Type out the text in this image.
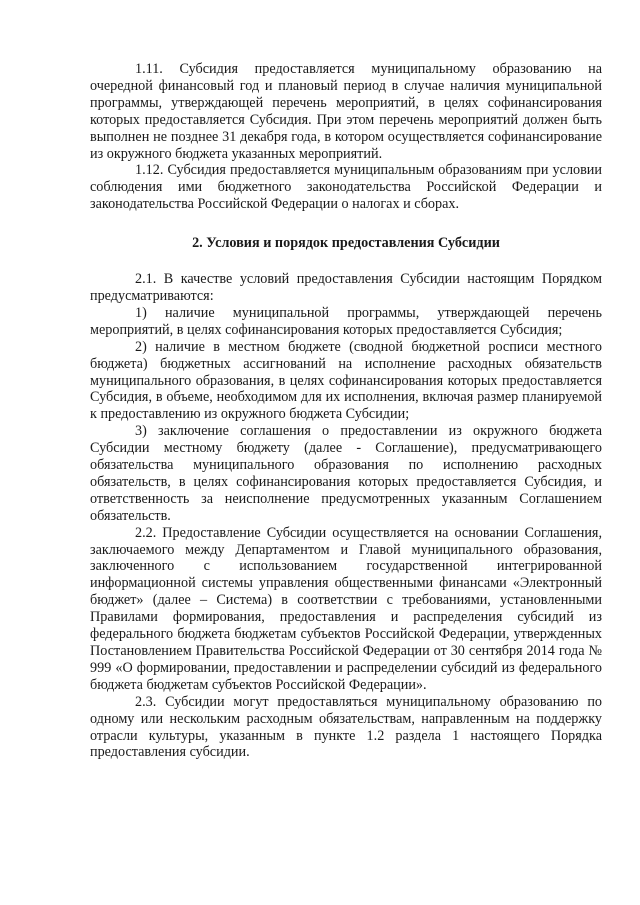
1.11. Субсидия предоставляется муниципальному образованию на очередной финансовый год и плановый период в случае наличия муниципальной программы, утверждающей перечень мероприятий, в целях софинансирования которых предоставляется Субсидия. При этом перечень мероприятий должен быть выполнен не позднее 31 декабря года, в котором осуществляется софинансирование из окружного бюджета указанных мероприятий.

1.12. Субсидия предоставляется муниципальным образованиям при условии соблюдения ими бюджетного законодательства Российской Федерации и законодательства Российской Федерации о налогах и сборах.

2. Условия и порядок предоставления Субсидии

2.1. В качестве условий предоставления Субсидии настоящим Порядком предусматриваются:

1) наличие муниципальной программы, утверждающей перечень мероприятий, в целях софинансирования которых предоставляется Субсидия;

2) наличие в местном бюджете (сводной бюджетной росписи местного бюджета) бюджетных ассигнований на исполнение расходных обязательств муниципального образования, в целях софинансирования которых предоставляется Субсидия, в объеме, необходимом для их исполнения, включая размер планируемой к предоставлению из окружного бюджета Субсидии;

3) заключение соглашения о предоставлении из окружного бюджета Субсидии местному бюджету (далее - Соглашение), предусматривающего обязательства муниципального образования по исполнению расходных обязательств, в целях софинансирования которых предоставляется Субсидия, и ответственность за неисполнение предусмотренных указанным Соглашением обязательств.

2.2. Предоставление Субсидии осуществляется на основании Соглашения, заключаемого между Департаментом и Главой муниципального образования, заключенного с использованием государственной интегрированной информационной системы управления общественными финансами «Электронный бюджет» (далее – Система) в соответствии с требованиями, установленными Правилами формирования, предоставления и распределения субсидий из федерального бюджета бюджетам субъектов Российской Федерации, утвержденных Постановлением Правительства Российской Федерации от 30 сентября 2014 года № 999 «О формировании, предоставлении и распределении субсидий из федерального бюджета бюджетам субъектов Российской Федерации».

2.3. Субсидии могут предоставляться муниципальному образованию по одному или нескольким расходным обязательствам, направленным на поддержку отрасли культуры, указанным в пункте 1.2 раздела 1 настоящего Порядка предоставления субсидии.
